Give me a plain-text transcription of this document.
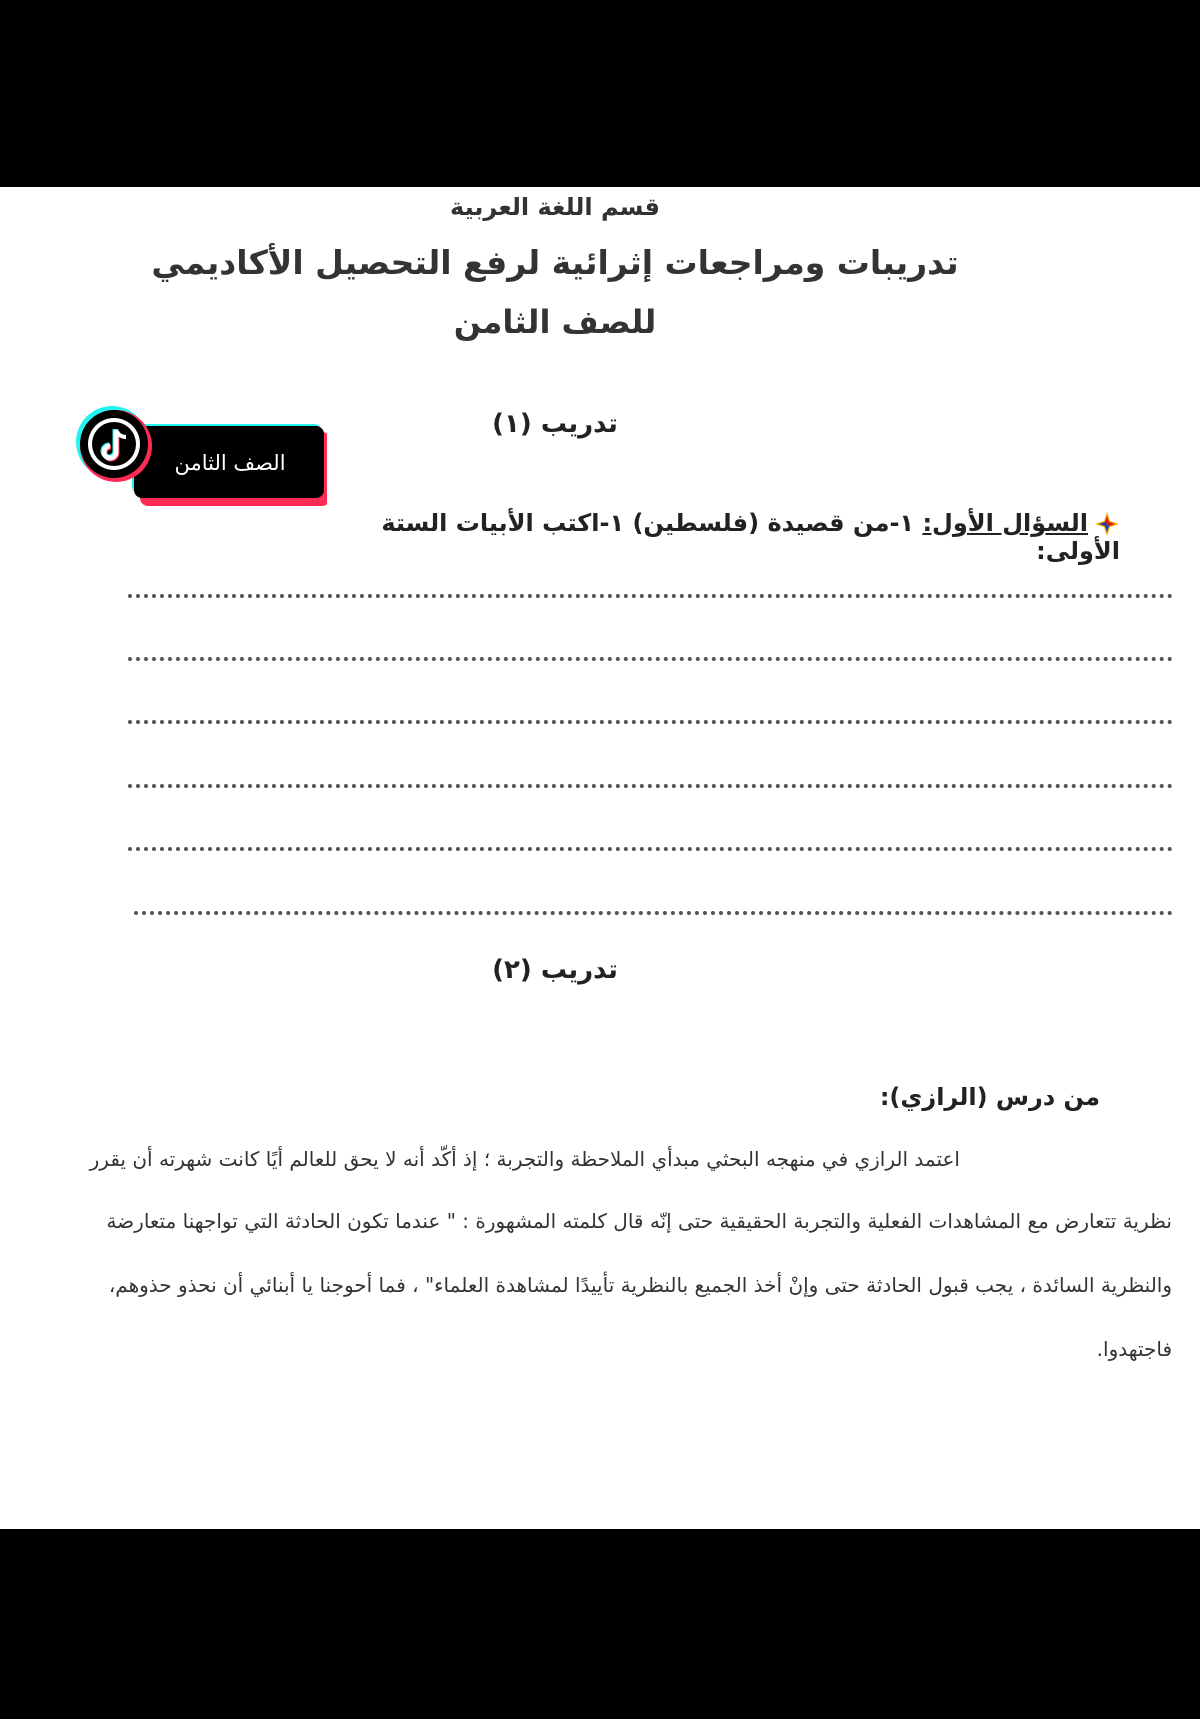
قسم اللغة العربية
تدريبات ومراجعات إثرائية لرفع التحصيل الأكاديمي
للصف الثامن
تدريب (١)
السؤال الأول: ١-من قصيدة (فلسطين) ١-اكتب الأبيات الستة الأولى:
تدريب (٢)
من درس (الرازي):
اعتمد الرازي في منهجه البحثي مبدأي الملاحظة والتجربة ؛ إذ أكّد أنه لا يحق للعالم أيًا كانت شهرته أن يقرر
نظرية تتعارض مع المشاهدات الفعلية والتجربة الحقيقية حتى إنّه قال كلمته المشهورة : " عندما تكون الحادثة التي تواجهنا متعارضة
والنظرية السائدة ، يجب قبول الحادثة حتى وإنْ أخذ الجميع بالنظرية تأييدًا لمشاهدة العلماء" ، فما أحوجنا يا أبنائي أن نحذو حذوهم،
فاجتهدوا.
الصف الثامن
